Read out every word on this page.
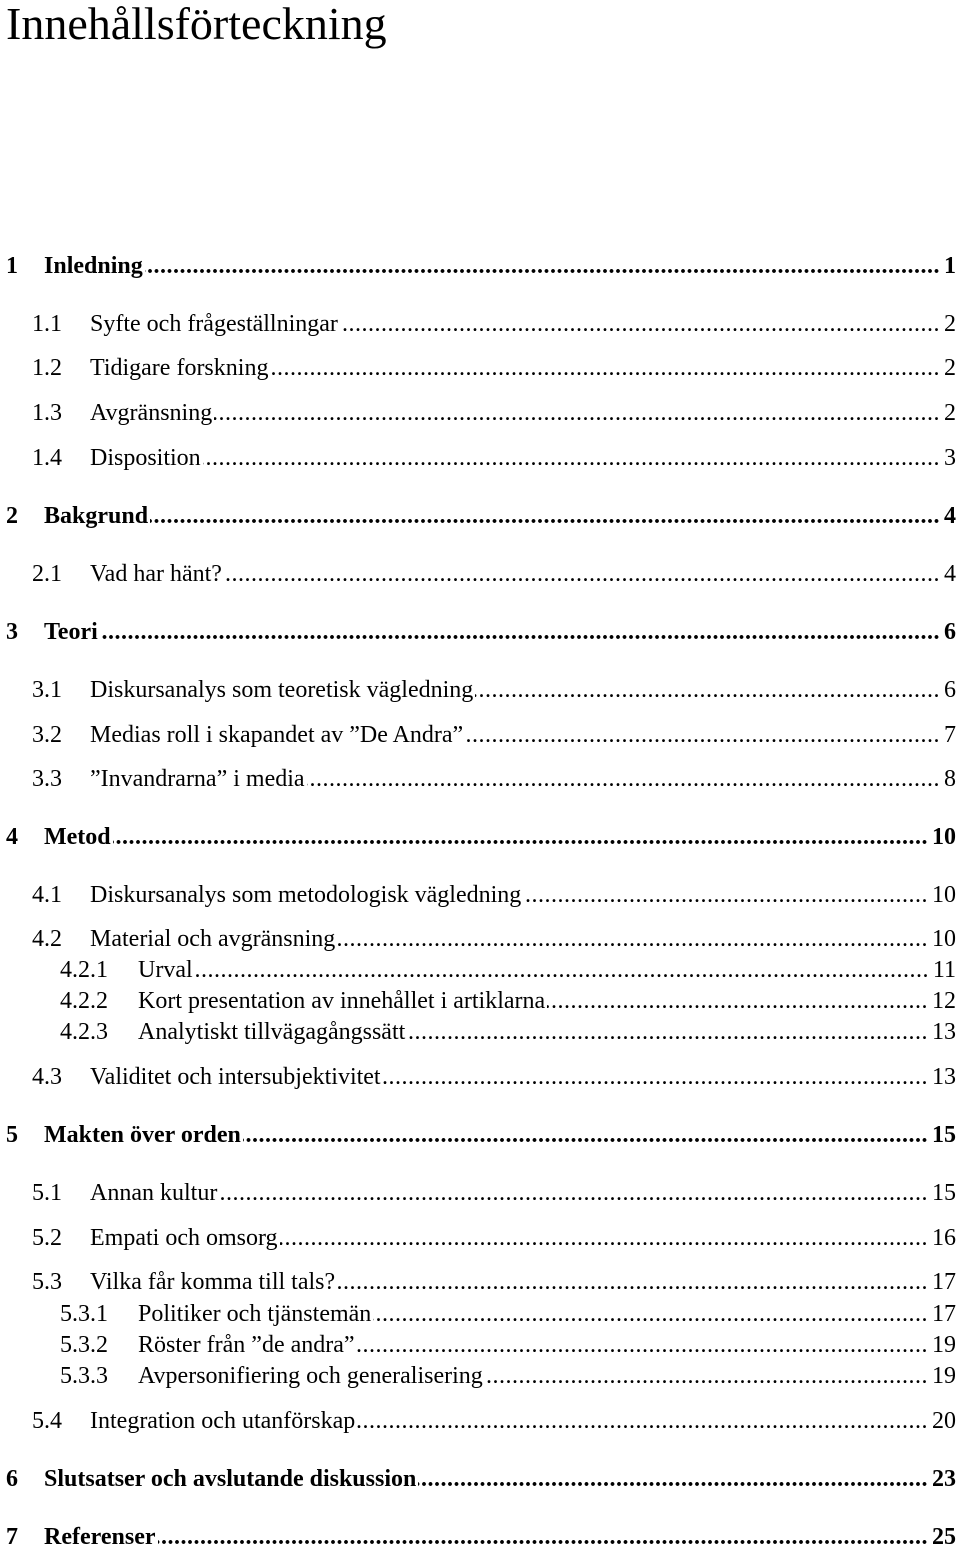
Innehållsförteckning
1 Inledning .....	1
1.1 Syfte och frågeställningar .....	2
1.2 Tidigare forskning .....	2
1.3 Avgränsning .....	2
1.4 Disposition .....	3
2 Bakgrund .....	4
2.1 Vad har hänt? .....	4
3 Teori .....	6
3.1 Diskursanalys som teoretisk vägledning .....	6
3.2 Medias roll i skapandet av ”De Andra” .....	7
3.3 ”Invandrarna” i media .....	8
4 Metod .....	10
4.1 Diskursanalys som metodologisk vägledning .....	10
4.2 Material och avgränsning .....	10
4.2.1 Urval .....	11
4.2.2 Kort presentation av innehållet i artiklarna .....	12
4.2.3 Analytiskt tillvägagångssätt .....	13
4.3 Validitet och intersubjektivitet .....	13
5 Makten över orden .....	15
5.1 Annan kultur .....	15
5.2 Empati och omsorg .....	16
5.3 Vilka får komma till tals? .....	17
5.3.1 Politiker och tjänstemän .....	17
5.3.2 Röster från ”de andra” .....	19
5.3.3 Avpersonifiering och generalisering .....	19
5.4 Integration och utanförskap .....	20
6 Slutsatser och avslutande diskussion .....	23
7 Referenser .....	25
